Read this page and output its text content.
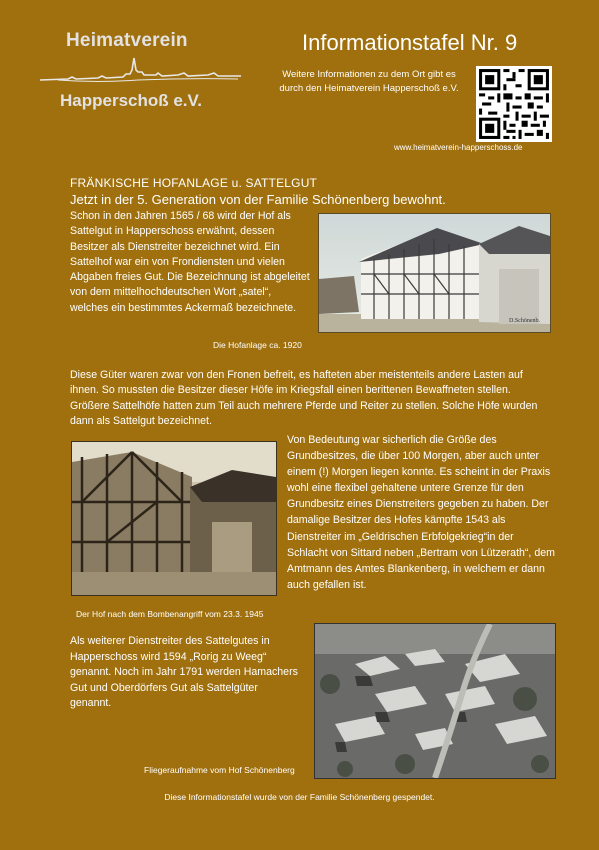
Heimatverein
Happerschoß e.V.
Informationstafel Nr. 9
Weitere Informationen zu dem Ort gibt es
durch den Heimatverein Happerschoß e.V.
www.heimatverein-happerschoss.de
FRÄNKISCHE HOFANLAGE u. SATTELGUT
Jetzt in der 5. Generation von der Familie Schönenberg bewohnt.

Schon in den Jahren 1565 / 68 wird der Hof als Sattelgut in Happerschoss erwähnt, dessen Besitzer als Dienstreiter bezeichnet wird. Ein Sattelhof war ein von Frondiensten und vielen Abgaben freies Gut. Die Bezeichnung ist abgeleitet von dem mittelhochdeutschen Wort „satel“, welches ein bestimmtes Ackermaß bezeichnete.

D.Schönenb.
Die Hofanlage ca. 1920

Diese Güter waren zwar von den Fronen befreit, es hafteten aber meistenteils andere Lasten auf ihnen. So mussten die Besitzer dieser Höfe im Kriegsfall einen berittenen Bewaffneten stellen. Größere Sattelhöfe hatten zum Teil auch mehrere Pferde und Reiter zu stellen. Solche Höfe wurden dann als Sattelgut bezeichnet.

Der Hof nach dem Bombenangriff vom 23.3. 1945

Von Bedeutung war sicherlich die Größe des Grundbesitzes, die über 100 Morgen, aber auch unter einem (!) Morgen liegen konnte. Es scheint in der Praxis wohl eine flexibel gehaltene untere Grenze für den Grundbesitz eines Dienstreiters gegeben zu haben. Der damalige Besitzer des Hofes kämpfte 1543 als Dienstreiter im „Geldrischen Erbfolgekrieg“in der Schlacht von Sittard neben „Bertram von Lützerath“, dem Amtmann des Amtes Blankenberg, in welchem er dann auch gefallen ist.

Als weiterer Dienstreiter des Sattelgutes in Happerschoss wird 1594 „Rorig zu Weeg“ genannt. Noch im Jahr 1791 werden Hamachers Gut und Oberdörfers Gut als Sattelgüter genannt.

Fliegeraufnahme vom Hof Schönenberg
Diese Informationstafel wurde von der Familie Schönenberg gespendet.
